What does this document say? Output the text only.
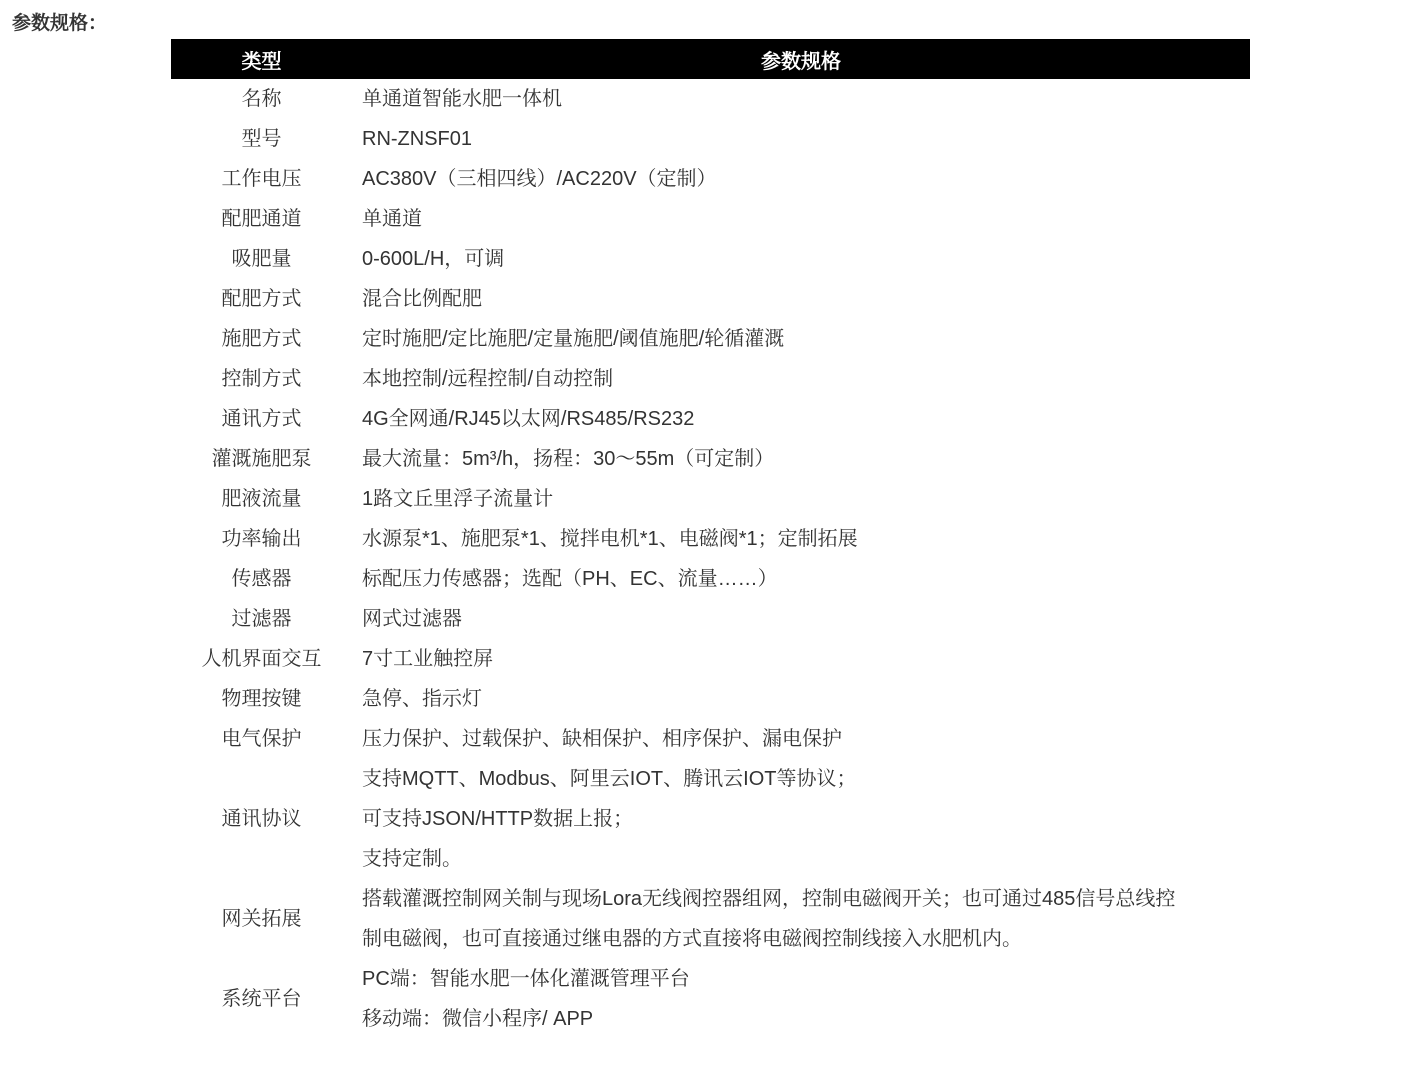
参数规格：
类型	参数规格

名称	单通道智能水肥一体机

型号	RN-ZNSF01

工作电压	AC380V（三相四线）/AC220V（定制）

配肥通道	单通道

吸肥量	0-600L/H，可调

配肥方式	混合比例配肥

施肥方式	定时施肥/定比施肥/定量施肥/阈值施肥/轮循灌溉

控制方式	本地控制/远程控制/自动控制

通讯方式	4G全网通/RJ45以太网/RS485/RS232

灌溉施肥泵	最大流量：5m³/h，扬程：30～55m（可定制）

肥液流量	1路文丘里浮子流量计

功率输出	水源泵*1、施肥泵*1、搅拌电机*1、电磁阀*1；定制拓展

传感器	标配压力传感器；选配（PH、EC、流量……）

过滤器	网式过滤器

人机界面交互	7寸工业触控屏

物理按键	急停、指示灯

电气保护	压力保护、过载保护、缺相保护、相序保护、漏电保护

通讯协议	支持MQTT、Modbus、阿里云IOT、腾讯云IOT等协议；
可支持JSON/HTTP数据上报；
支持定制。

网关拓展	搭载灌溉控制网关制与现场Lora无线阀控器组网，控制电磁阀开关；也可通过485信号总线控
制电磁阀，也可直接通过继电器的方式直接将电磁阀控制线接入水肥机内。

系统平台	PC端：智能水肥一体化灌溉管理平台
移动端：微信小程序/ APP
